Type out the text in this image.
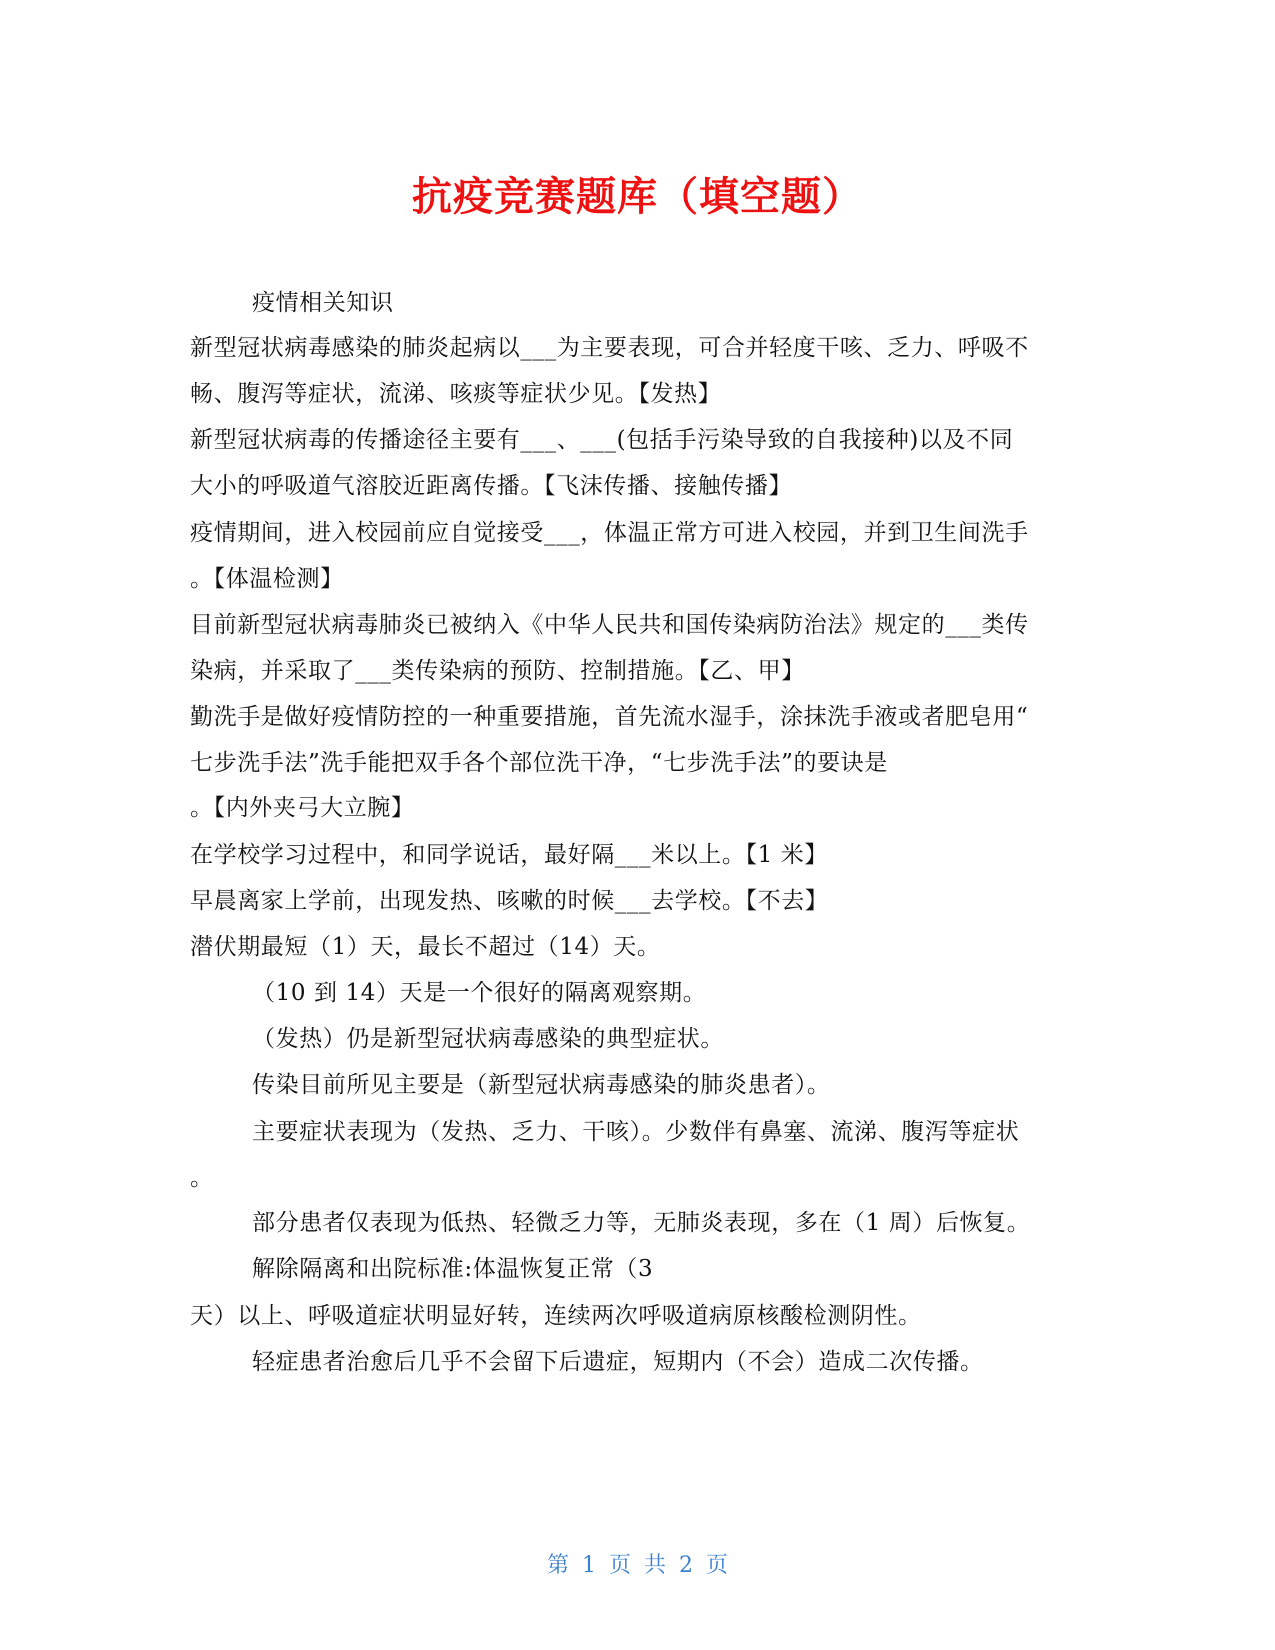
抗疫竞赛题库（填空题）
疫情相关知识
新型冠状病毒感染的肺炎起病以___为主要表现，可合并轻度干咳、乏力、呼吸不
畅、腹泻等症状，流涕、咳痰等症状少见。【发热】
新型冠状病毒的传播途径主要有___、___(包括手污染导致的自我接种)以及不同
大小的呼吸道气溶胶近距离传播。【飞沫传播、接触传播】
疫情期间，进入校园前应自觉接受___，体温正常方可进入校园，并到卫生间洗手
。【体温检测】
目前新型冠状病毒肺炎已被纳入《中华人民共和国传染病防治法》规定的___类传
染病，并采取了___类传染病的预防、控制措施。【乙、甲】
勤洗手是做好疫情防控的一种重要措施，首先流水湿手，涂抹洗手液或者肥皂用“
七步洗手法”洗手能把双手各个部位洗干净，“七步洗手法”的要诀是
。【内外夹弓大立腕】
在学校学习过程中，和同学说话，最好隔___米以上。【1 米】
早晨离家上学前，出现发热、咳嗽的时候___去学校。【不去】
潜伏期最短（1）天，最长不超过（14）天。
（10 到 14）天是一个很好的隔离观察期。
（发热）仍是新型冠状病毒感染的典型症状。
传染目前所见主要是（新型冠状病毒感染的肺炎患者）。
主要症状表现为（发热、乏力、干咳）。少数伴有鼻塞、流涕、腹泻等症状
。
部分患者仅表现为低热、轻微乏力等，无肺炎表现，多在（1 周）后恢复。
解除隔离和出院标准:体温恢复正常（3
天）以上、呼吸道症状明显好转，连续两次呼吸道病原核酸检测阴性。
轻症患者治愈后几乎不会留下后遗症，短期内（不会）造成二次传播。
第 1 页 共 2 页
